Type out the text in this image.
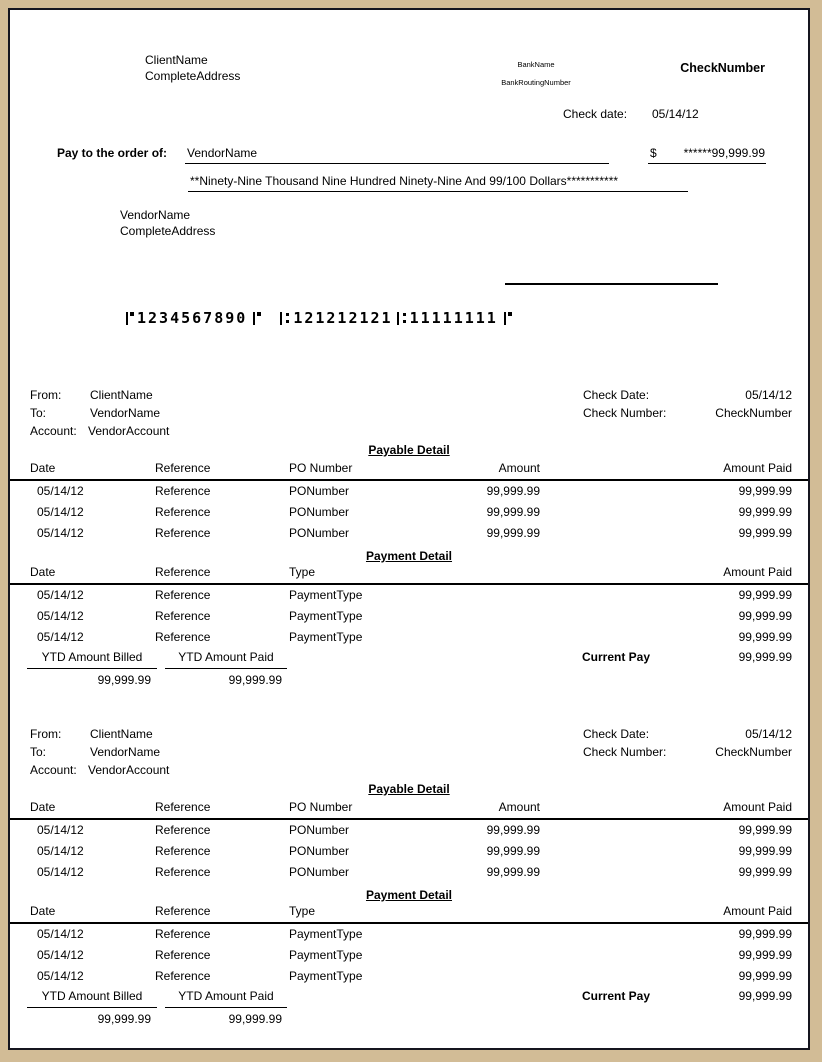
ClientName
CompleteAddress
BankName
BankRoutingNumber
CheckNumber
Check date: 05/14/12
Pay to the order of: VendorName	$ ******99,999.99
**Ninety-Nine Thousand Nine Hundred Ninety-Nine And 99/100 Dollars***********
VendorName
CompleteAddress
1234567890	121212121 11111111
From: ClientName
To:	VendorName
Account: VendorAccount
Check Date:	05/14/12
Check Number:	CheckNumber
Payable Detail
Date	Reference	PO Number	Amount	Amount Paid
05/14/12	Reference	PONumber	99,999.99	99,999.99
05/14/12	Reference	PONumber	99,999.99	99,999.99
05/14/12	Reference	PONumber	99,999.99	99,999.99
Payment Detail
Date	Reference	Type	Amount Paid
05/14/12	Reference	PaymentType	99,999.99
05/14/12	Reference	PaymentType	99,999.99
05/14/12	Reference	PaymentType	99,999.99
YTD Amount Billed	YTD Amount Paid	Current Pay	99,999.99
99,999.99	99,999.99
From: ClientName
To:	VendorName
Account: VendorAccount
Check Date:	05/14/12
Check Number:	CheckNumber
Payable Detail
Date	Reference	PO Number	Amount	Amount Paid
05/14/12	Reference	PONumber	99,999.99	99,999.99
05/14/12	Reference	PONumber	99,999.99	99,999.99
05/14/12	Reference	PONumber	99,999.99	99,999.99
Payment Detail
Date	Reference	Type	Amount Paid
05/14/12	Reference	PaymentType	99,999.99
05/14/12	Reference	PaymentType	99,999.99
05/14/12	Reference	PaymentType	99,999.99
YTD Amount Billed	YTD Amount Paid	Current Pay	99,999.99
99,999.99	99,999.99
